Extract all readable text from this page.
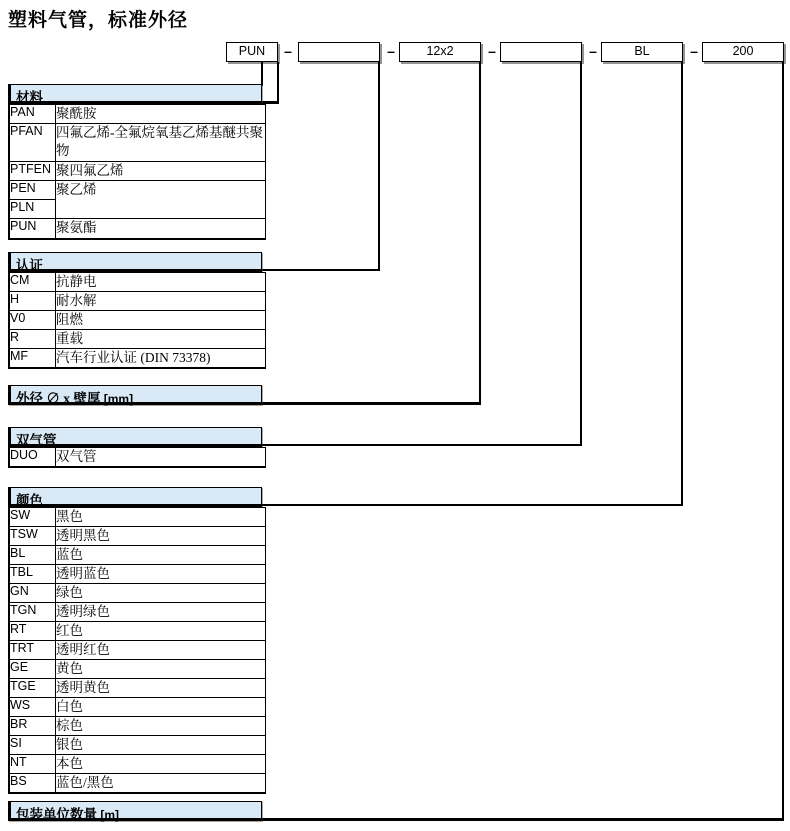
塑料气管，标准外径
PUN	–	–	12x2	–	–	BL	–	200
材料
PAN	聚酰胺
PFAN	四氟乙烯-全氟烷氧基乙烯基醚共聚物
PTFEN	聚四氟乙烯
PEN	聚乙烯
PLN	
PUN	聚氨酯
认证
CM	抗静电
H	耐水解
V0	阻燃
R	重载
MF	汽车行业认证 (DIN 73378)
外径 ∅ x 壁厚 [mm]
双气管
DUO	双气管
颜色
SW	黑色
TSW	透明黑色
BL	蓝色
TBL	透明蓝色
GN	绿色
TGN	透明绿色
RT	红色
TRT	透明红色
GE	黄色
TGE	透明黄色
WS	白色
BR	棕色
SI	银色
NT	本色
BS	蓝色/黑色
包装单位数量 [m]
